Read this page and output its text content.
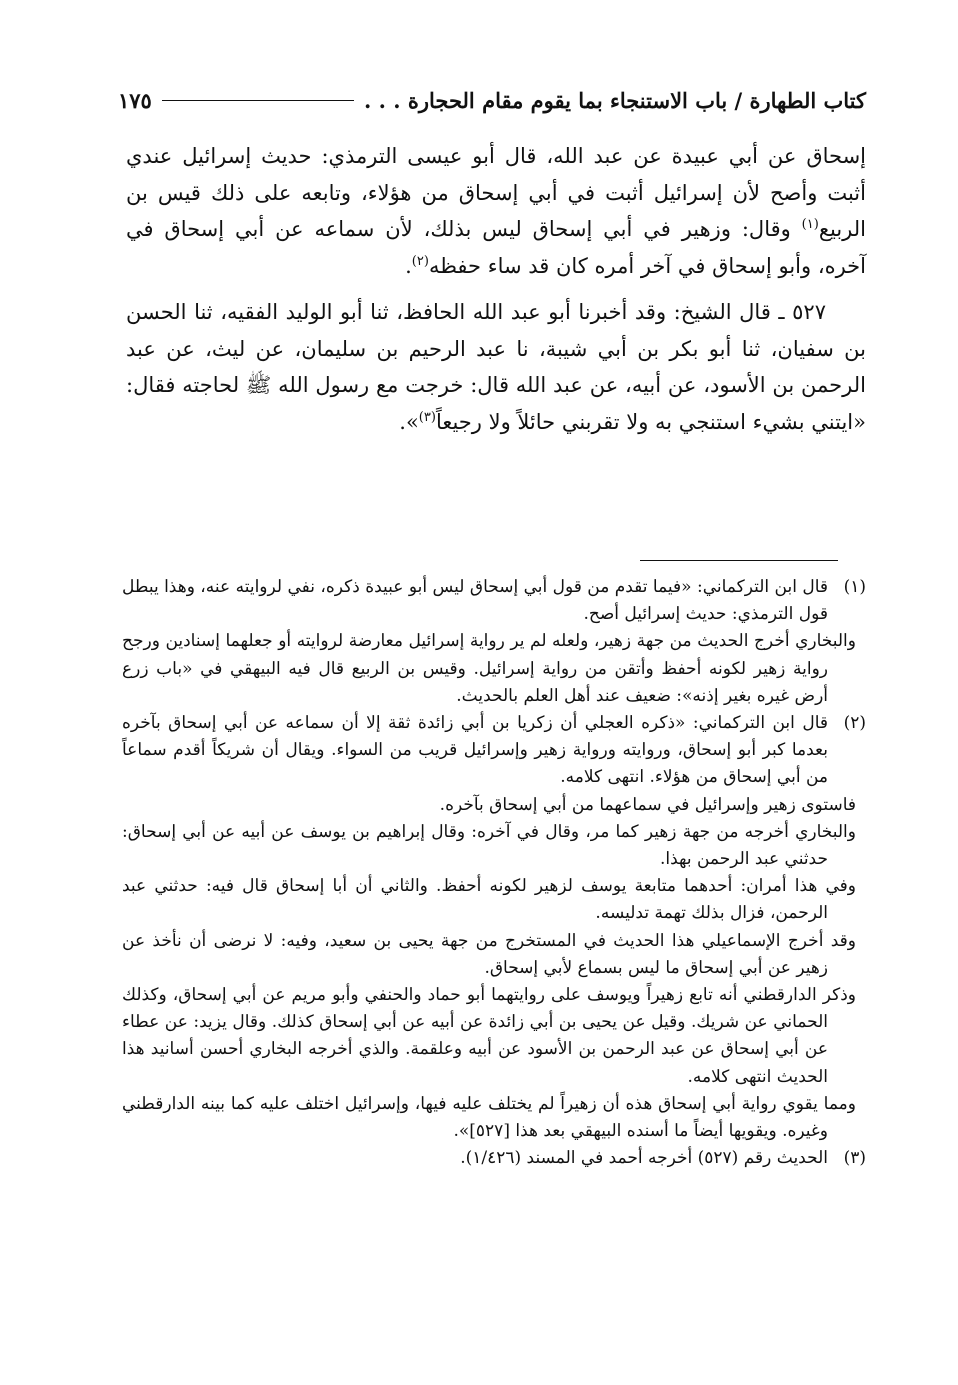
كتاب الطهارة / باب الاستنجاء بما يقوم مقام الحجارة . . .
١٧٥

إسحاق عن أبي عبيدة عن عبد الله، قال أبو عيسى الترمذي: حديث إسرائيل عندي أثبت وأصح لأن إسرائيل أثبت في أبي إسحاق من هؤلاء، وتابعه على ذلك قيس بن الربيع$^{(١)}$ وقال: وزهير في أبي إسحاق ليس بذلك، لأن سماعه عن أبي إسحاق في آخره، وأبو إسحاق في آخر أمره كان قد ساء حفظه$^{(٢)}$.

٥٢٧ ـ قال الشيخ: وقد أخبرنا أبو عبد الله الحافظ، ثنا أبو الوليد الفقيه، ثنا الحسن بن سفيان، ثنا أبو بكر بن أبي شيبة، نا عبد الرحيم بن سليمان، عن ليث، عن عبد الرحمن بن الأسود، عن أبيه، عن عبد الله قال: خرجت مع رسول الله ﷺ لحاجته فقال: «ايتني بشيء استنجي به ولا تقربني حائلاً ولا رجيعاً$^{(٣)}$».

(١)قال ابن التركماني: «فيما تقدم من قول أبي إسحاق ليس أبو عبيدة ذكره، نفي لروايته عنه، وهذا يبطل قول الترمذي: حديث إسرائيل أصح.

والبخاري أخرج الحديث من جهة زهير، ولعله لم ير رواية إسرائيل معارضة لروايته أو جعلهما إسنادين ورجح رواية زهير لكونه أحفظ وأتقن من رواية إسرائيل. وقيس بن الربيع قال فيه البيهقي في «باب زرع أرض غيره بغير إذنه»: ضعيف عند أهل العلم بالحديث.

(٢)قال ابن التركماني: «ذكره العجلي أن زكريا بن أبي زائدة ثقة إلا أن سماعه عن أبي إسحاق بآخره بعدما كبر أبو إسحاق، وروايته ورواية زهير وإسرائيل قريب من السواء. ويقال أن شريكاً أقدم سماعاً من أبي إسحاق من هؤلاء. انتهى كلامه.

فاستوى زهير وإسرائيل في سماعهما من أبي إسحاق بآخره.

والبخاري أخرجه من جهة زهير كما مر، وقال في آخره: وقال إبراهيم بن يوسف عن أبيه عن أبي إسحاق: حدثني عبد الرحمن بهذا.

وفي هذا أمران: أحدهما متابعة يوسف لزهير لكونه أحفظ. والثاني أن أبا إسحاق قال فيه: حدثني عبد الرحمن، فزال بذلك تهمة تدليسه.

وقد أخرج الإسماعيلي هذا الحديث في المستخرج من جهة يحيى بن سعيد، وفيه: لا نرضى أن نأخذ عن زهير عن أبي إسحاق ما ليس بسماع لأبي إسحاق.

وذكر الدارقطني أنه تابع زهيراً ويوسف على روايتهما أبو حماد والحنفي وأبو مريم عن أبي إسحاق، وكذلك الحماني عن شريك. وقيل عن يحيى بن أبي زائدة عن أبيه عن أبي إسحاق كذلك. وقال يزيد: عن عطاء عن أبي إسحاق عن عبد الرحمن بن الأسود عن أبيه وعلقمة. والذي أخرجه البخاري أحسن أسانيد هذا الحديث انتهى كلامه.

ومما يقوي رواية أبي إسحاق هذه أن زهيراً لم يختلف عليه فيها، وإسرائيل اختلف عليه كما بينه الدارقطني وغيره. ويقويها أيضاً ما أسنده البيهقي بعد هذا [٥٢٧]».

(٣)الحديث رقم (٥٢٧) أخرجه أحمد في المسند (١/٤٢٦).
